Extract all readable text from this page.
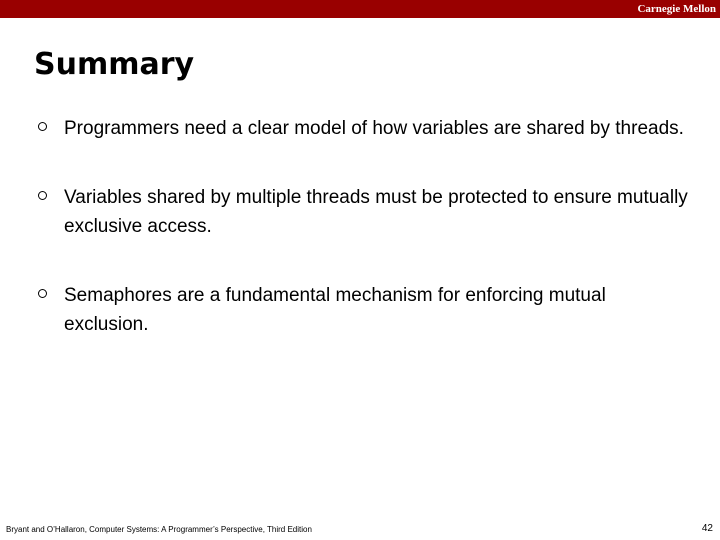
Carnegie Mellon
Summary
Programmers need a clear model of how variables are shared by threads.
Variables shared by multiple threads must be protected to ensure mutually exclusive access.
Semaphores are a fundamental mechanism for enforcing mutual exclusion.
Bryant and O’Hallaron, Computer Systems: A Programmer’s Perspective, Third Edition	42
